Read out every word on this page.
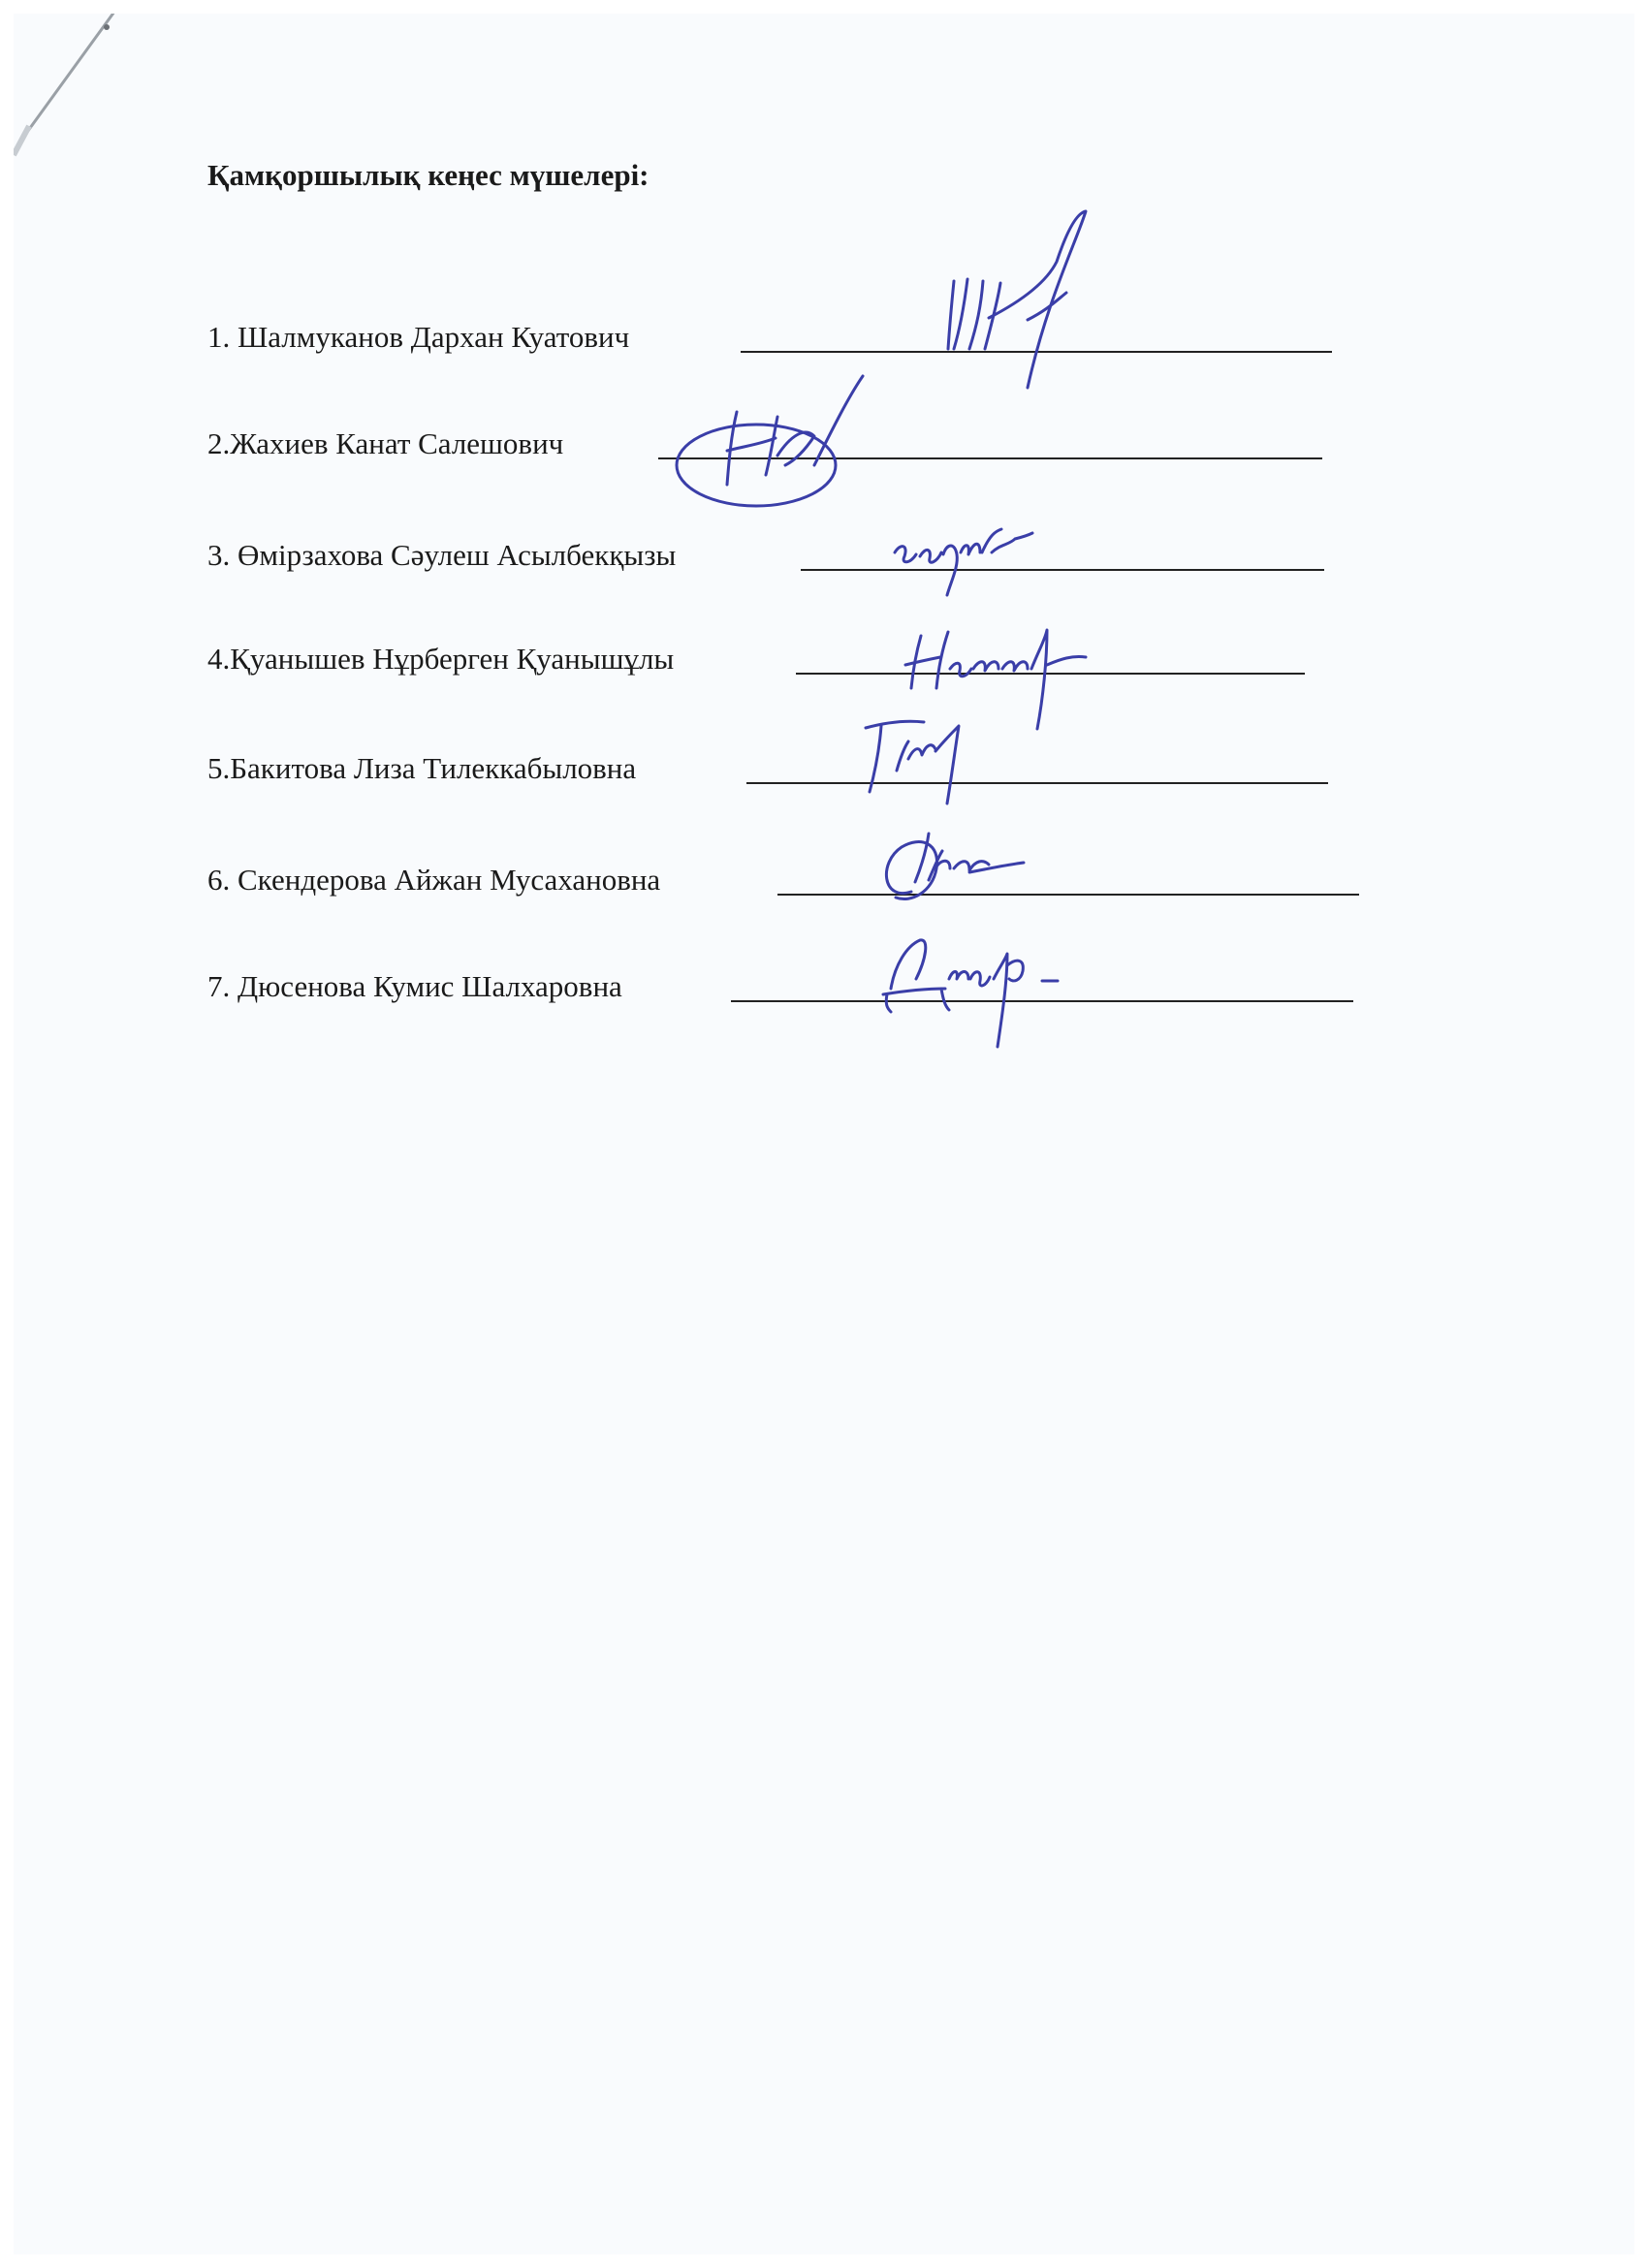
Қамқоршылық кеңес мүшелері:
1. Шалмуканов Дархан Куатович
2.Жахиев Канат Салешович
3. Өмірзахова Сәулеш Асылбекқызы
4.Қуанышев Нұрберген Қуанышұлы
5.Бакитова Лиза Тилеккабыловна
6. Скендерова Айжан Мусахановна
7. Дюсенова Кумис Шалхаровна
